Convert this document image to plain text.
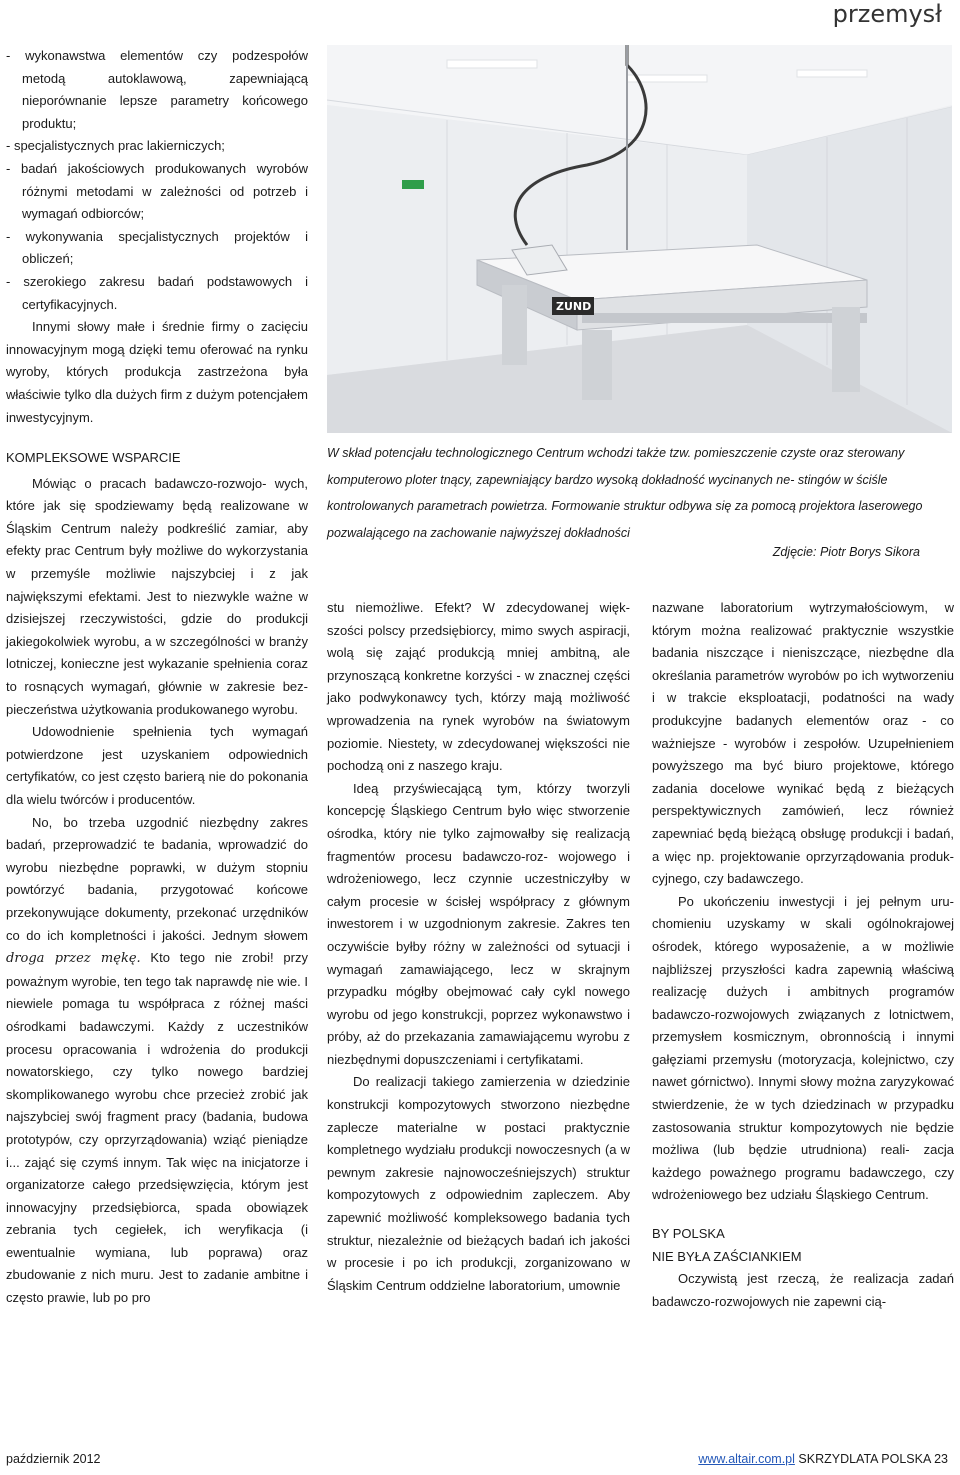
przemysł

- wykonawstwa elementów czy podzespołów metodą autoklawową, zapewniającą nieporównanie lepsze parametry końcowego produktu;

- specjalistycznych prac lakierniczych;

- badań jakościowych produkowanych wyrobów różnymi metodami w zależności od potrzeb i wymagań odbiorców;

- wykonywania specjalistycznych projektów i obliczeń;

- szerokiego zakresu badań podstawowych i certyfikacyjnych.

Innymi słowy małe i średnie firmy o zacięciu innowacyjnym mogą dzięki temu oferować na rynku wyroby, których produkcja zastrzeżona była właściwie tylko dla dużych firm z dużym potencjałem inwestycyjnym.

KOMPLEKSOWE WSPARCIE

Mówiąc o pracach badawczo-rozwojo- wych, które jak się spodziewamy będą realizowane w Śląskim Centrum należy podkreślić zamiar, aby efekty prac Centrum były możliwe do wykorzystania w przemyśle możliwie najszybciej i z jak największymi efektami. Jest to niezwykle ważne w dzisiejszej rzeczywistości, gdzie do produkcji jakiegokolwiek wyrobu, a w szczególności w branży lotniczej, konieczne jest wykazanie spełnienia coraz to rosnących wymagań, głównie w zakresie bez- pieczeństwa użytkowania produkowanego wyrobu.

Udowodnienie spełnienia tych wymagań potwierdzone jest uzyskaniem odpowiednich certyfikatów, co jest często barierą nie do pokonania dla wielu twórców i producentów.

No, bo trzeba uzgodnić niezbędny zakres badań, przeprowadzić te badania, wprowadzić do wyrobu niezbędne poprawki, w dużym stopniu powtórzyć badania, przygotować końcowe przekonywujące dokumenty, przekonać urzędników co do ich kompletności i jakości. Jednym słowem droga przez mękę. Kto tego nie zrobi! przy poważnym wyrobie, ten tego tak naprawdę nie wie. I niewiele pomaga tu współpraca z różnej maści ośrodkami badawczymi. Każdy z uczestników procesu opracowania i wdrożenia do produkcji nowatorskiego, czy tylko nowego bardziej skomplikowanego wyrobu chce przecież zrobić jak najszybciej swój fragment pracy (badania, budowa prototypów, czy oprzyrządowania) wziąć pieniądze i... zająć się czymś innym. Tak więc na inicjatorze i organizatorze całego przedsięwzięcia, którym jest innowacyjny przedsiębiorca, spada obowiązek zebrania tych cegiełek, ich weryfikacja (i ewentualnie wymiana, lub poprawa) oraz zbudowanie z nich muru. Jest to zadanie ambitne i często prawie, lub po pro

ZUND
W skład potencjału technologicznego Centrum wchodzi także tzw. pomieszczenie czyste oraz sterowany komputerowo ploter tnący, zapewniający bardzo wysoką dokładność wycinanych ne- stingów w ściśle kontrolowanych parametrach powietrza. Formowanie struktur odbywa się za pomocą projektora laserowego pozwalającego na zachowanie najwyższej dokładności
Zdjęcie: Piotr Borys Sikora

stu niemożliwe. Efekt? W zdecydowanej więk- szości polscy przedsiębiorcy, mimo swych aspiracji, wolą się zająć produkcją mniej ambitną, ale przynoszącą konkretne korzyści - w znacznej części jako podwykonawcy tych, którzy mają możliwość wprowadzenia na rynek wyrobów na światowym poziomie. Niestety, w zdecydowanej większości nie pochodzą oni z naszego kraju.

Ideą przyświecającą tym, którzy tworzyli koncepcję Śląskiego Centrum było więc stworzenie ośrodka, który nie tylko zajmowałby się realizacją fragmentów procesu badawczo-roz- wojowego i wdrożeniowego, lecz czynnie uczestniczyłby w całym procesie w ścisłej współpracy z głównym inwestorem i w uzgodnionym zakresie. Zakres ten oczywiście byłby różny w zależności od sytuacji i wymagań zamawiającego, lecz w skrajnym przypadku mógłby obejmować cały cykl nowego wyrobu od jego konstrukcji, poprzez wykonawstwo i próby, aż do przekazania zamawiającemu wyrobu z niezbędnymi dopuszczeniami i certyfikatami.

Do realizacji takiego zamierzenia w dziedzinie konstrukcji kompozytowych stworzono niezbędne zaplecze materialne w postaci praktycznie kompletnego wydziału produkcji nowoczesnych (a w pewnym zakresie najnowocześniejszych) struktur kompozytowych z odpowiednim zapleczem. Aby zapewnić możliwość kompleksowego badania tych struktur, niezależnie od bieżących badań ich jakości w procesie i po ich produkcji, zorganizowano w Śląskim Centrum oddzielne laboratorium, umownie

nazwane laboratorium wytrzymałościowym, w którym można realizować praktycznie wszystkie badania niszczące i nieniszczące, niezbędne dla określania parametrów wyrobów po ich wytworzeniu i w trakcie eksploatacji, podatności na wady produkcyjne badanych elementów oraz - co ważniejsze - wyrobów i zespołów. Uzupełnieniem powyższego ma być biuro projektowe, którego zadania docelowe wynikać będą z bieżących perspektywicznych zamówień, lecz również zapewniać będą bieżącą obsługę produkcji i badań, a więc np. projektowanie oprzyrządowania produk- cyjnego, czy badawczego.

Po ukończeniu inwestycji i jej pełnym uru- chomieniu uzyskamy w skali ogólnokrajowej ośrodek, którego wyposażenie, a w możliwie najbliższej przyszłości kadra zapewnią właściwą realizację dużych i ambitnych programów badawczo-rozwojowych związanych z lotnictwem, przemysłem kosmicznym, obronnością i innymi gałęziami przemysłu (motoryzacja, kolejnictwo, czy nawet górnictwo). Innymi słowy można zaryzykować stwierdzenie, że w tych dziedzinach w przypadku zastosowania struktur kompozytowych nie będzie możliwa (lub będzie utrudniona) reali- zacja każdego poważnego programu badawczego, czy wdrożeniowego bez udziału Śląskiego Centrum.

BY POLSKA
NIE BYŁA ZAŚCIANKIEM

Oczywistą jest rzeczą, że realizacja zadań badawczo-rozwojowych nie zapewni cią-

październik 2012	www.altair.com.pl SKRZYDLATA POLSKA 23
